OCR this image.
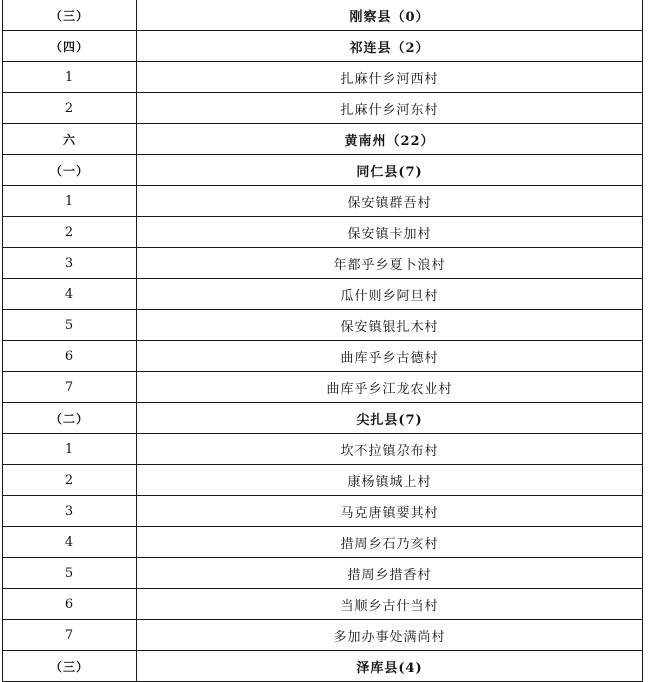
（三）	刚察县（0）
（四）	祁连县（2）
1	扎麻什乡河西村
2	扎麻什乡河东村
六	黄南州（22）
（一）	同仁县(7)
1	保安镇群吾村
2	保安镇卡加村
3	年都乎乡夏卜浪村
4	瓜什则乡阿旦村
5	保安镇银扎木村
6	曲库乎乡古德村
7	曲库乎乡江龙农业村
（二）	尖扎县(7)
1	坎不拉镇尕布村
2	康杨镇城上村
3	马克唐镇要其村
4	措周乡石乃亥村
5	措周乡措香村
6	当顺乡古什当村
7	多加办事处满尚村
（三）	泽库县(4)
